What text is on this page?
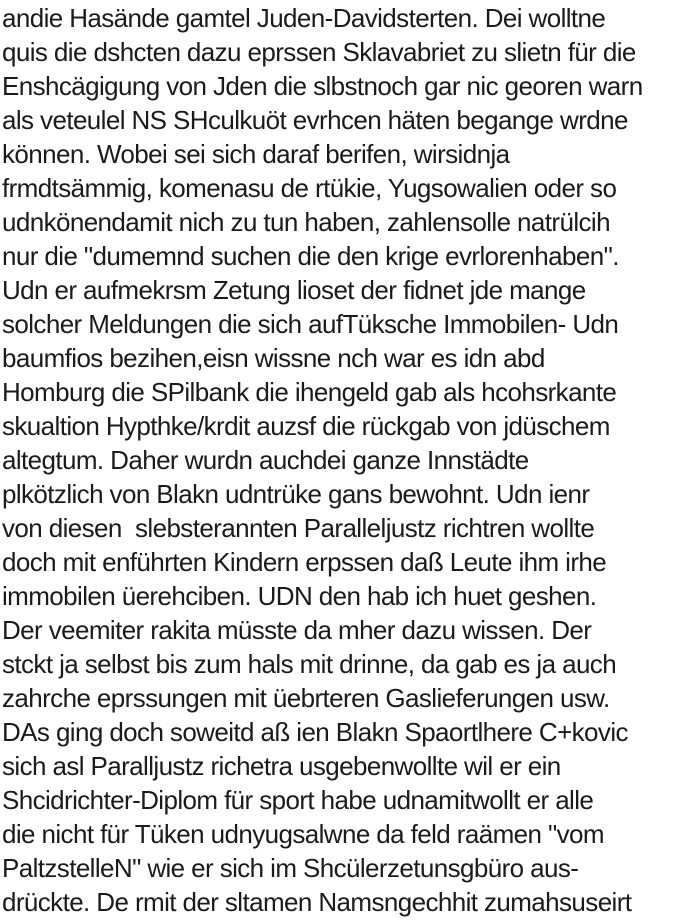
andie Hasände gamtel Juden-Davidsterten. Dei wolltne
quis die dshcten dazu eprssen Sklavabriet zu slietn für die
Enshcägigung von Jden die slbstnoch gar nic georen warn
als veteulel NS SHculkuöt evrhcen häten begange wrdne
können. Wobei sei sich daraf berifen, wirsidnja
frmdtsämmig, komenasu de rtükie, Yugsowalien oder so
udnkönendamit nich zu tun haben, zahlensolle natrülcih
nur die "dumemnd suchen die den krige evrlorenhaben".
Udn er aufmekrsm Zetung lioset der fidnet jde mange
solcher Meldungen die sich aufTüksche Immobilen- Udn
baumfios bezihen,eisn wissne nch war es idn abd
Homburg die SPilbank die ihengeld gab als hcohsrkante
skualtion Hypthke/krdit auzsf die rückgab von jdüschem
altegtum. Daher wurdn auchdei ganze Innstädte
plkötzlich von Blakn udntrüke gans bewohnt. Udn ienr
von diesen  slebsterannten Paralleljustz richtren wollte
doch mit enführten Kindern erpssen daß Leute ihm irhe
immobilen üerehciben. UDN den hab ich huet geshen.
Der veemiter rakita müsste da mher dazu wissen. Der
stckt ja selbst bis zum hals mit drinne, da gab es ja auch
zahrche eprssungen mit üebrteren Gaslieferungen usw.
DAs ging doch soweitd aß ien Blakn Spaortlhere C+kovic
sich asl Paralljustz richetra usgebenwollte wil er ein
Shcidrichter-Diplom für sport habe udnamitwollt er alle
die nicht für Tüken udnyugsalwne da feld raämen "vom
PaltzstelleN" wie er sich im Shcülerzetunsgbüro aus-
drückte. De rmit der sltamen Namsngechhit zumahsuseirt
